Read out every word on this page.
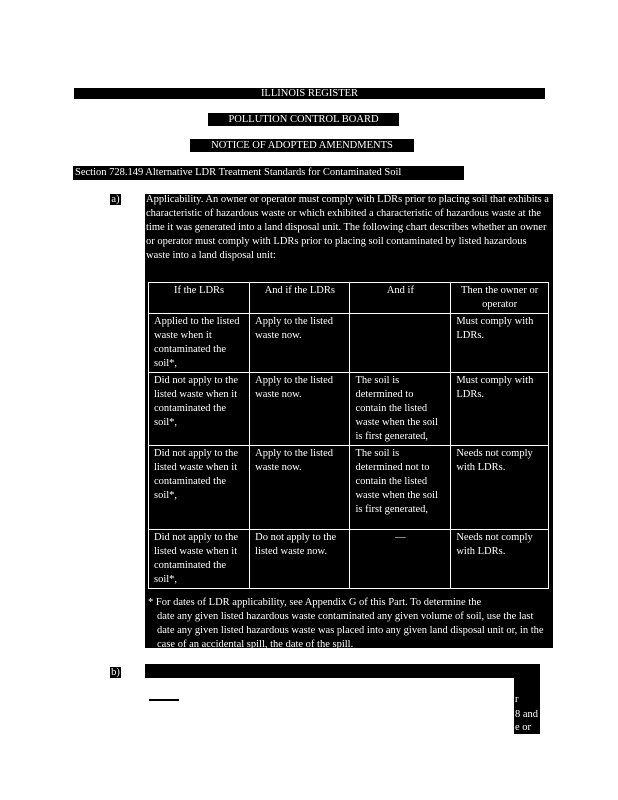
ILLINOIS REGISTER
POLLUTION CONTROL BOARD
NOTICE OF ADOPTED AMENDMENTS
Section 728.149 Alternative LDR Treatment Standards for Contaminated Soil
a)	Applicability. An owner or operator must comply with LDRs prior to placing soil that exhibits a characteristic of hazardous waste or which exhibited a characteristic of hazardous waste at the time it was generated into a land disposal unit. The following chart describes whether an owner or operator must comply with LDRs prior to placing soil contaminated by listed hazardous waste into a land disposal unit:
If the LDRs	And if the LDRs	And if	Then the owner or operator
Applied to the listed waste when it contaminated the soil*,	Apply to the listed waste now.		Must comply with LDRs.
Did not apply to the listed waste when it contaminated the soil*,	Apply to the listed waste now.	The soil is determined to contain the listed waste when the soil is first generated,	Must comply with LDRs.
Did not apply to the listed waste when it contaminated the soil*,	Apply to the listed waste now.	The soil is determined not to contain the listed waste when the soil is first generated,	Needs not comply with LDRs.
Did not apply to the listed waste when it contaminated the soil*,	Do not apply to the listed waste now.	—	Needs not comply with LDRs.
* For dates of LDR applicability, see Appendix G of this Part. To determine the
date any given listed hazardous waste contaminated any given volume of soil, use the last date any given listed hazardous waste was placed into any given land disposal unit or, in the case of an accidental spill, the date of the spill.
b)
r
8 and
e or the
